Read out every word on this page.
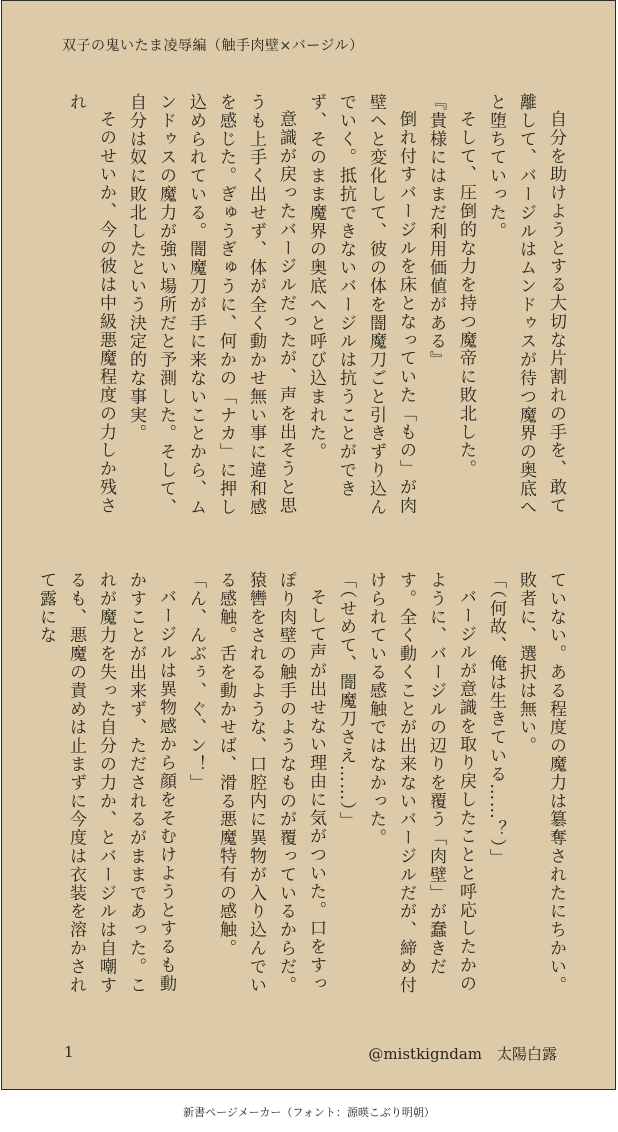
双子の鬼いたま凌辱編（触手肉壁×バージル）

自分を助けようとする大切な片割れの手を、敢て離して、バージルはムンドゥスが待つ魔界の奥底へと堕ちていった。

そして、圧倒的な力を持つ魔帝に敗北した。

『貴様にはまだ利用価値がある』

倒れ付すバージルを床となっていた「もの」が肉壁へと変化して、彼の体を闇魔刀ごと引きずり込んでいく。抵抗できないバージルは抗うことができず、そのまま魔界の奥底へと呼び込まれた。

意識が戻ったバージルだったが、声を出そうと思うも上手く出せず、体が全く動かせ無い事に違和感を感じた。ぎゅうぎゅうに、何かの「ナカ」に押し込められている。闇魔刀が手に来ないことから、ムンドゥスの魔力が強い場所だと予測した。そして、自分は奴に敗北したという決定的な事実。

そのせいか、今の彼は中級悪魔程度の力しか残され

ていない。ある程度の魔力は簒奪されたにちかい。敗者に、選択は無い。

「（何故、俺は生きている……？）」

バージルが意識を取り戻したことと呼応したかのように、バージルの辺りを覆う「肉壁」が蠢きだす。全く動くことが出来ないバージルだが、締め付けられている感触ではなかった。

「（せめて、闇魔刀さえ……）」

そして声が出せない理由に気がついた。口をすっぽり肉壁の触手のようなものが覆っているからだ。猿轡をされるような、口腔内に異物が入り込んでいる感触。舌を動かせば、滑る悪魔特有の感触。

「ん、んぶぅ、ぐ、ン！」

バージルは異物感から顔をそむけようとするも動かすことが出来ず、ただされるがままであった。これが魔力を失った自分の力か、とバージルは自嘲するも、悪魔の責めは止まずに今度は衣装を溶かされて露にな

1	@mistkigndam　太陽白露
新書ページメーカー（フォント：源暎こぶり明朝）
